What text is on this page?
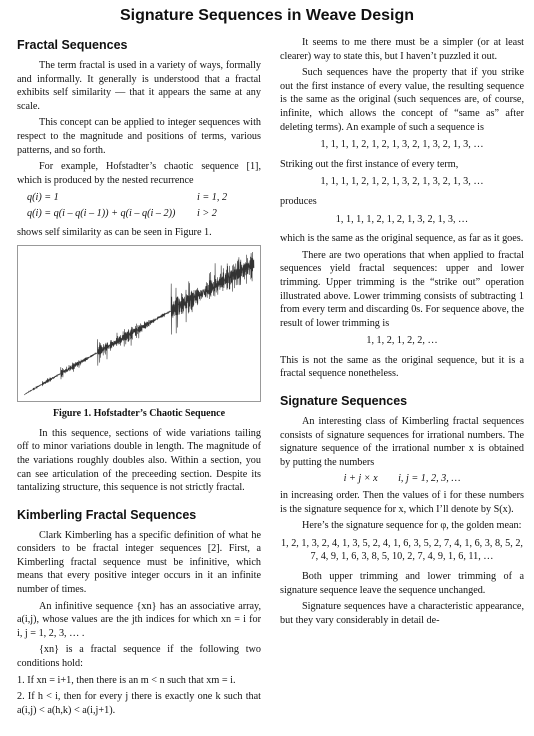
Signature Sequences in Weave Design
Fractal Sequences

The term fractal is used in a variety of ways, formally and informally. It generally is understood that a fractal exhibits self similarity — that it appears the same at any scale.

This concept can be applied to integer sequences with respect to the magnitude and positions of terms, various patterns, and so forth.

For example, Hofstadter’s chaotic sequence [1], which is produced by the nested recurrence

q(i) = 1	i = 1, 2
q(i) = q(i – q(i – 1)) + q(i – q(i – 2))	i > 2

shows self similarity as can be seen in Figure 1.

Figure 1. Hofstadter’s Chaotic Sequence

In this sequence, sections of wide variations tailing off to minor variations double in length. The magnitude of the variations roughly doubles also. Within a section, you can see articulation of the preceeding section. Despite its tantalizing structure, this sequence is not strictly fractal.

Kimberling Fractal Sequences

Clark Kimberling has a specific definition of what he considers to be fractal integer sequences [2]. First, a Kimberling fractal sequence must be infinitive, which means that every positive integer occurs in it an infinite number of times.

An infinitive sequence {xn} has an associative array, a(i,j), whose values are the jth indices for which xn = i for i, j = 1, 2, 3, … .

{xn} is a fractal sequence if the following two conditions hold:

1. If xn = i+1, then there is an m < n such that xm = i.

2. If h < i, then for every j there is exactly one k such that a(i,j) < a(h,k) < a(i,j+1).

It seems to me there must be a simpler (or at least clearer) way to state this, but I haven’t puzzled it out.

Such sequences have the property that if you strike out the first instance of every value, the resulting sequence is the same as the original (such sequences are, of course, infinite, which allows the concept of “same as” after deleting terms). An example of such a sequence is

1, 1, 1, 1, 2, 1, 2, 1, 3, 2, 1, 3, 2, 1, 3, …

Striking out the first instance of every term,

1, 1, 1, 1, 2, 1, 2, 1, 3, 2, 1, 3, 2, 1, 3, …

produces

1, 1, 1, 1, 2, 1, 2, 1, 3, 2, 1, 3, …

which is the same as the original sequence, as far as it goes.

There are two operations that when applied to fractal sequences yield fractal sequences: upper and lower trimming. Upper trimming is the “strike out” operation illustrated above. Lower trimming consists of subtracting 1 from every term and discarding 0s. For sequence above, the result of lower trimming is

1, 1, 2, 1, 2, 2, …

This is not the same as the original sequence, but it is a fractal sequence nonetheless.

Signature Sequences

An interesting class of Kimberling fractal sequences consists of signature sequences for irrational numbers. The signature sequence of the irrational number x is obtained by putting the numbers

i + j × x i, j = 1, 2, 3, …

in increasing order. Then the values of i for these numbers is the signature sequence for x, which I’ll denote by S(x).

Here’s the signature sequence for φ, the golden mean:

1, 2, 1, 3, 2, 4, 1, 3, 5, 2, 4, 1, 6, 3, 5, 2, 7, 4, 1, 6, 3, 8, 5, 2, 7, 4, 9, 1, 6, 3, 8, 5, 10, 2, 7, 4, 9, 1, 6, 11, …

Both upper trimming and lower trimming of a signature sequence leave the sequence unchanged.

Signature sequences have a characteristic appearance, but they vary considerably in detail de-
